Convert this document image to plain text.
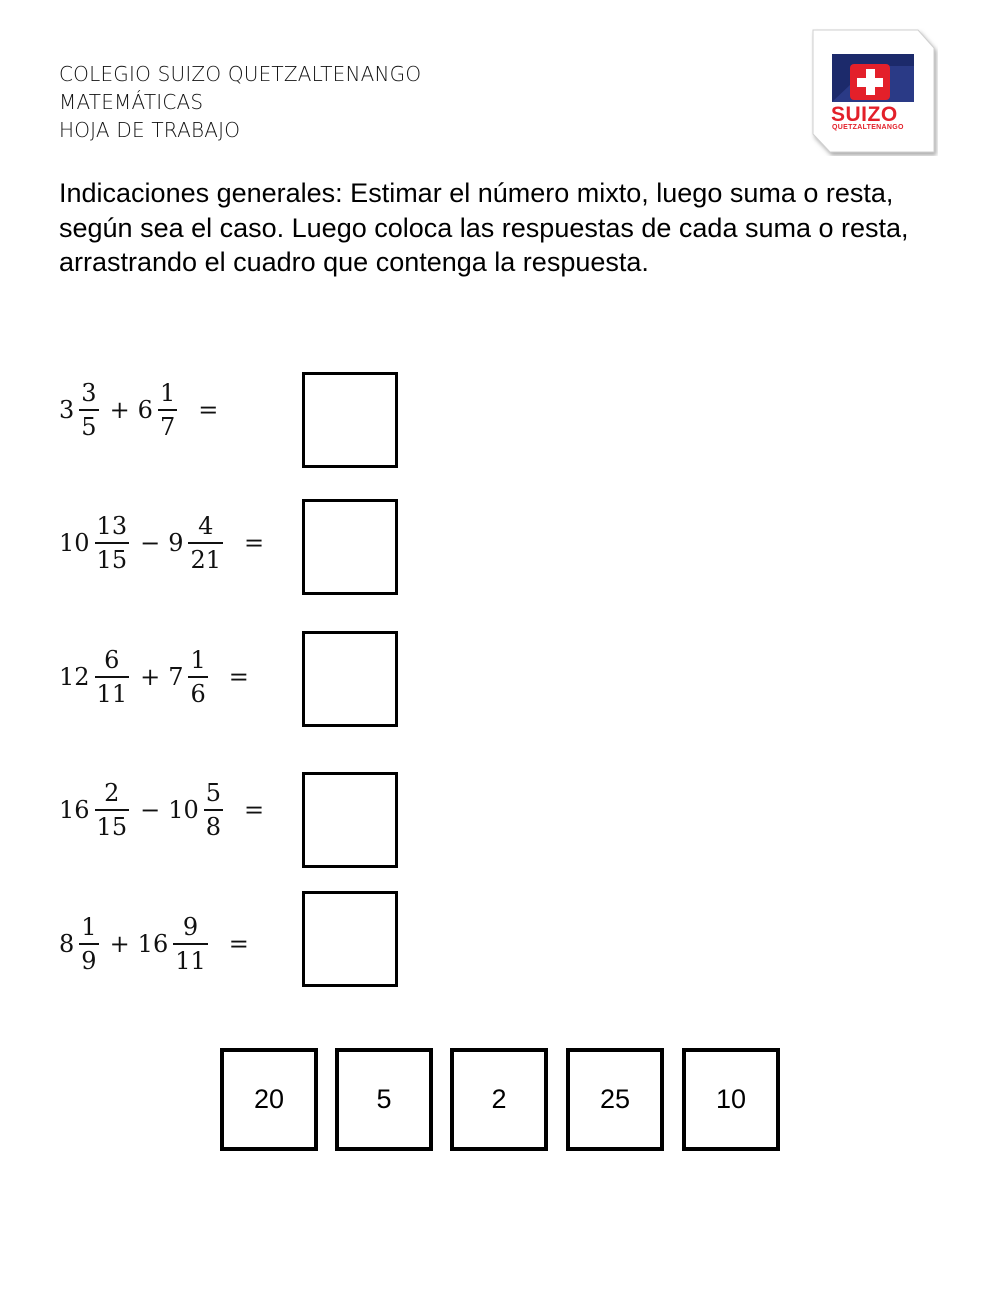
COLEGIO SUIZO QUETZALTENANGO
MATEMÁTICAS
HOJA DE TRABAJO
SUIZO
QUETZALTENANGO
Indicaciones generales: Estimar el número mixto, luego suma o resta, según sea el caso. Luego coloca las respuestas de cada suma o resta, arrastrando el cuadro que contenga la respuesta.
$3 \frac{3}{5} + 6 \frac{1}{7}$ =
$10 \frac{13}{15} - 9 \frac{4}{21}$ =
$12 \frac{6}{11} + 7 \frac{1}{6}$ =
$16 \frac{2}{15} - 10 \frac{5}{8}$ =
$8 \frac{1}{9} + 16 \frac{9}{11}$ =
20	5	2	25	10
